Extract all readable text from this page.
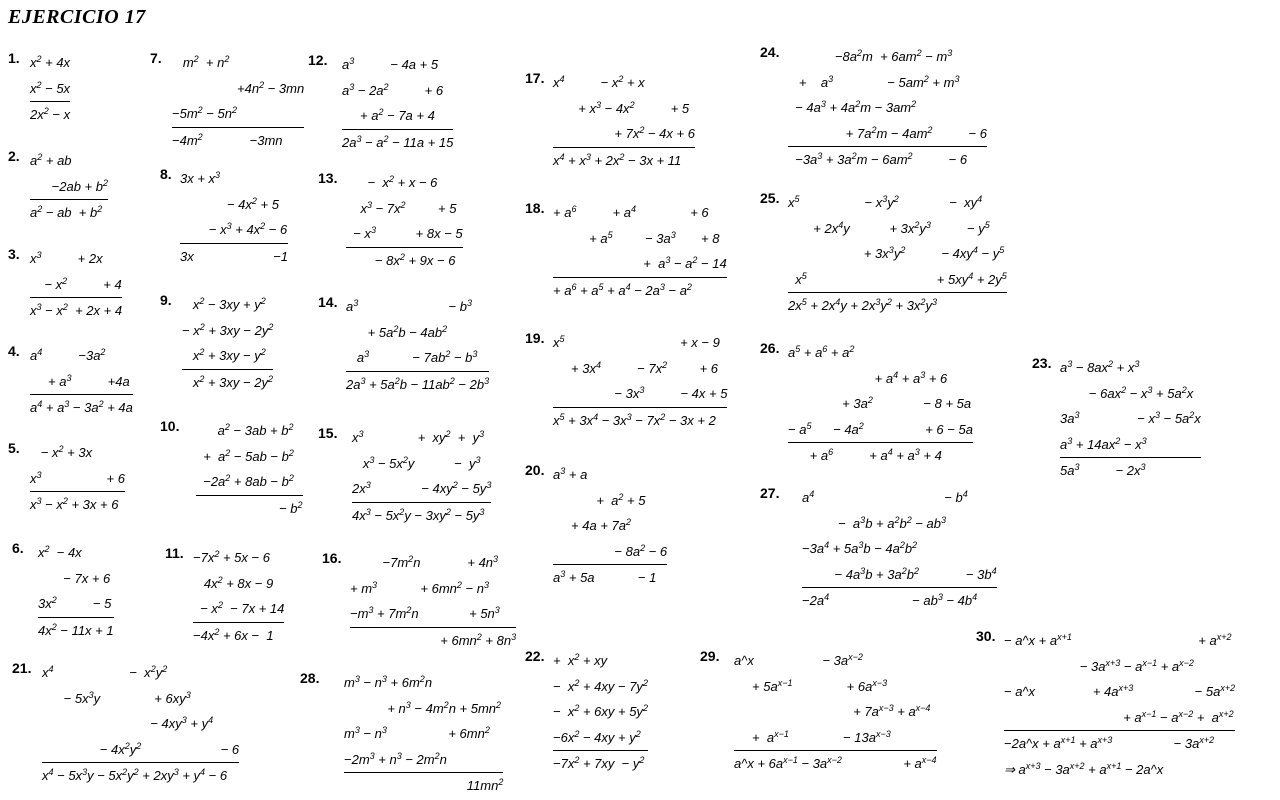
EJERCICIO 17
1. $x^2 + 4x$
$x^2 - 5x$
$2x^2 - x$
2. $a^2$ + ab
$-2ab + b^2$
$a^2$ − ab  + $b^2$
3. $x^3$          + 2x
− $x^2$          + 4
$x^3 - x^2 + 2x + 4$
4. $a^4$          $-3a^2$
+ $a^3$          +4a
$a^4 + a^3 - 3a^2 + 4a$
5. − $x^2 + 3x$
$x^3$                  + 6
$x^3 - x^2 + 3x + 6$
6. $x^2 - 4x$
− 7x + 6
$3x^2$          − 5
$4x^2 - 11x + 1$
7. $m^2 + n^2$
$+4n^2 - 3mn$
$-5m^2 - 5n^2$
$-4m^2$             −3mn
8. $3x + x^3$
− $4x^2 + 5$
− $x^3 + 4x^2 - 6$
3x                      −1
9. $x^2 - 3xy + y^2$
− $x^2 + 3xy - 2y^2$
$x^2 + 3xy - y^2$
$x^2 + 3xy - 2y^2$
10. $a^2 - 3ab + b^2$
+  $a^2 - 5ab - b^2$
$-2a^2 + 8ab - b^2$
− $b^2$
11. $-7x^2 + 5x - 6$
$4x^2 + 8x - 9$
− $x^2 - 7x + 14$
$-4x^2 + 6x - 1$
12. $a^3$          − 4a + 5
$a^3 - 2a^2$          + 6
+ $a^2 - 7a + 4$
$2a^3 - a^2 - 11a + 15$
13. −  $x^2 + x - 6$
$x^3 - 7x^2$         + 5
− $x^3$           + 8x − 5
− $8x^2 + 9x - 6$
14. $a^3$                         − $b^3$
+ $5a^2b - 4ab^2$
$a^3$            − $7ab^2 - b^3$
$2a^3 + 5a^2b - 11ab^2 - 2b^3$
15. $x^3$               +  $xy^2 + y^3$
$x^3 - 5x^2y$           −  $y^3$
$2x^3$              − $4xy^2 - 5y^3$
$4x^3 - 5x^2y - 3xy^2 - 5y^3$
16. $-7m^2n$             + $4n^3$
+ $m^3$            + $6mn^2 - n^3$
$-m^3 + 7m^2n$              + $5n^3$
+ $6mn^2 + 8n^3$
17. $x^4$          − $x^2 + x$
+ $x^3 - 4x^2$          + 5
+ $7x^2 - 4x + 6$
$x^4 + x^3 + 2x^2 - 3x + 11$
18. + $a^6$          + $a^4$               + 6
+ $a^5$         − $3a^3$       + 8
+  $a^3 - a^2 - 14$
+ $a^6 + a^5 + a^4 - 2a^3 - a^2$
19. $x^5$                                + x − 9
+ $3x^4$          − $7x^2$         + 6
− $3x^3$          − 4x + 5
$x^5 + 3x^4 - 3x^3 - 7x^2 - 3x + 2$
20. $a^3 + a$
+  $a^2 + 5$
+ $4a + 7a^2$
− $8a^2 - 6$
$a^3 + 5a$            − 1
22. +  $x^2$ + xy
−  $x^2 + 4xy - 7y^2$
−  $x^2 + 6xy + 5y^2$
$-6x^2 - 4xy + y^2$
$-7x^2 + 7xy - y^2$
23. $a^3 - 8ax^2 + x^3$
− $6ax^2 - x^3 + 5a^2x$
$3a^3$                − $x^3 - 5a^2x$
$a^3 + 14ax^2 - x^3$
$5a^3$          − $2x^3$
24. $-8a^2m + 6am^2 - m^3$
+    $a^3$               − $5am^2 + m^3$
− $4a^3 + 4a^2m - 3am^2$
+ $7a^2m - 4am^2$          − 6
$-3a^3 + 3a^2m - 6am^2$          − 6
25. $x^5$                  − $x^3y^2$              −  $xy^4$
+ $2x^4y$           + $3x^2y^3$          − $y^5$
+ $3x^3y^2$          − $4xy^4 - y^5$
$x^5$                                    + $5xy^4 + 2y^5$
$2x^5 + 2x^4y + 2x^3y^2 + 3x^2y^3$
26. $a^5 + a^6 + a^2$
+ $a^4 + a^3 + 6$
+ $3a^2$              − 8 + 5a
− $a^5$      − $4a^2$                 + 6 − 5a
+ $a^6$          + $a^4 + a^3 + 4$
27. $a^4$                                    − $b^4$
−  $a^3b + a^2b^2 - ab^3$
$-3a^4 + 5a^3b - 4a^2b^2$
− $4a^3b + 3a^2b^2$             − $3b^4$
$-2a^4$                       − $ab^3 - 4b^4$
28. $m^3 - n^3 + 6m^2n$
+ $n^3 - 4m^2n + 5mn^2$
$m^3 - n^3$                 + $6mn^2$
$-2m^3 + n^3 - 2m^2n$
$11mn^2$
29. a^x                   − $3a^{x-2}$
+ $5a^{x-1}$               + $6a^{x-3}$
+ $7a^{x-3} + a^{x-4}$
+  $a^{x-1}$               − $13a^{x-3}$
a^x + $6a^{x-1} - 3a^{x-2}$                 + $a^{x-4}$
21. $x^4$                     −  $x^2y^2$
− $5x^3y$               + $6xy^3$
− $4xy^3 + y^4$
− $4x^2y^2$                      − 6
$x^4 - 5x^3y - 5x^2y^2 + 2xy^3 + y^4 - 6$
30. − a^x + $a^{x+1}$                                   + $a^{x+2}$
− $3a^{x+3} - a^{x-1} + a^{x-2}$
− a^x                + $4a^{x+3}$                 − $5a^{x+2}$
+ $a^{x-1} - a^{x-2} + a^{x+2}$
−2a^x + $a^{x+1} + a^{x+3}$                 − $3a^{x+2}$
⇒ $a^{x+3} - 3a^{x+2} + a^{x+1}$ − 2a^x
